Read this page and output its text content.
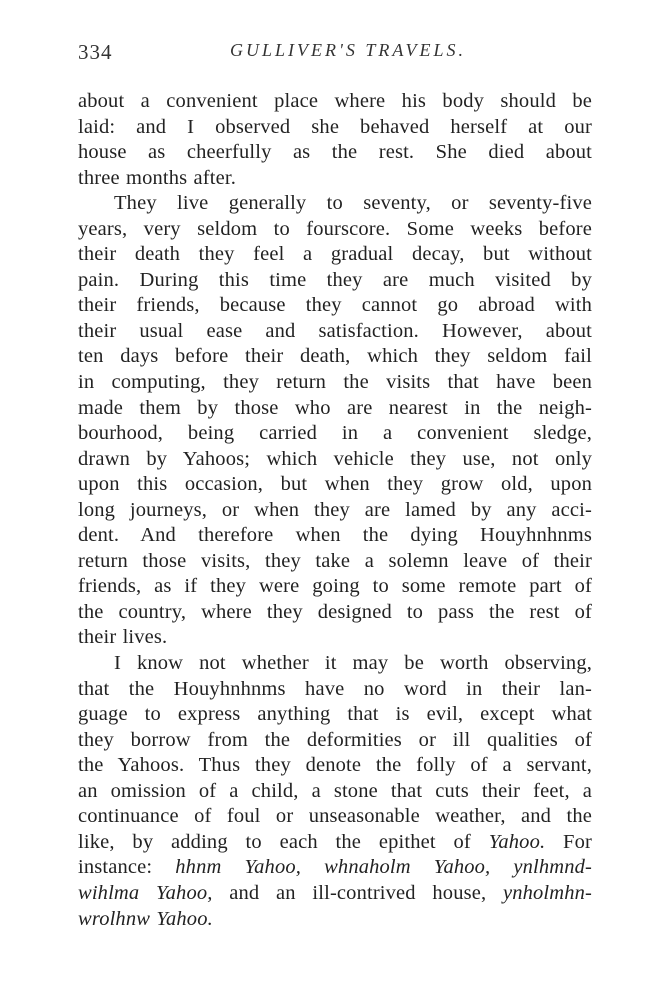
334	GULLIVER'S TRAVELS.

about a convenient place where his body should be
laid: and I observed she behaved herself at our
house as cheerfully as the rest. She died about
three months after.

They live generally to seventy, or seventy-five
years, very seldom to fourscore. Some weeks before
their death they feel a gradual decay, but without
pain. During this time they are much visited by
their friends, because they cannot go abroad with
their usual ease and satisfaction. However, about
ten days before their death, which they seldom fail
in computing, they return the visits that have been
made them by those who are nearest in the neigh-
bourhood, being carried in a convenient sledge,
drawn by Yahoos; which vehicle they use, not only
upon this occasion, but when they grow old, upon
long journeys, or when they are lamed by any acci-
dent. And therefore when the dying Houyhnhnms
return those visits, they take a solemn leave of their
friends, as if they were going to some remote part of
the country, where they designed to pass the rest of
their lives.

I know not whether it may be worth observing,
that the Houyhnhnms have no word in their lan-
guage to express anything that is evil, except what
they borrow from the deformities or ill qualities of
the Yahoos. Thus they denote the folly of a servant,
an omission of a child, a stone that cuts their feet, a
continuance of foul or unseasonable weather, and the
like, by adding to each the epithet of Yahoo. For
instance: hhnm Yahoo, whnaholm Yahoo, ynlhmnd-
wihlma Yahoo, and an ill-contrived house, ynholmhn-
wrolhnw Yahoo.
